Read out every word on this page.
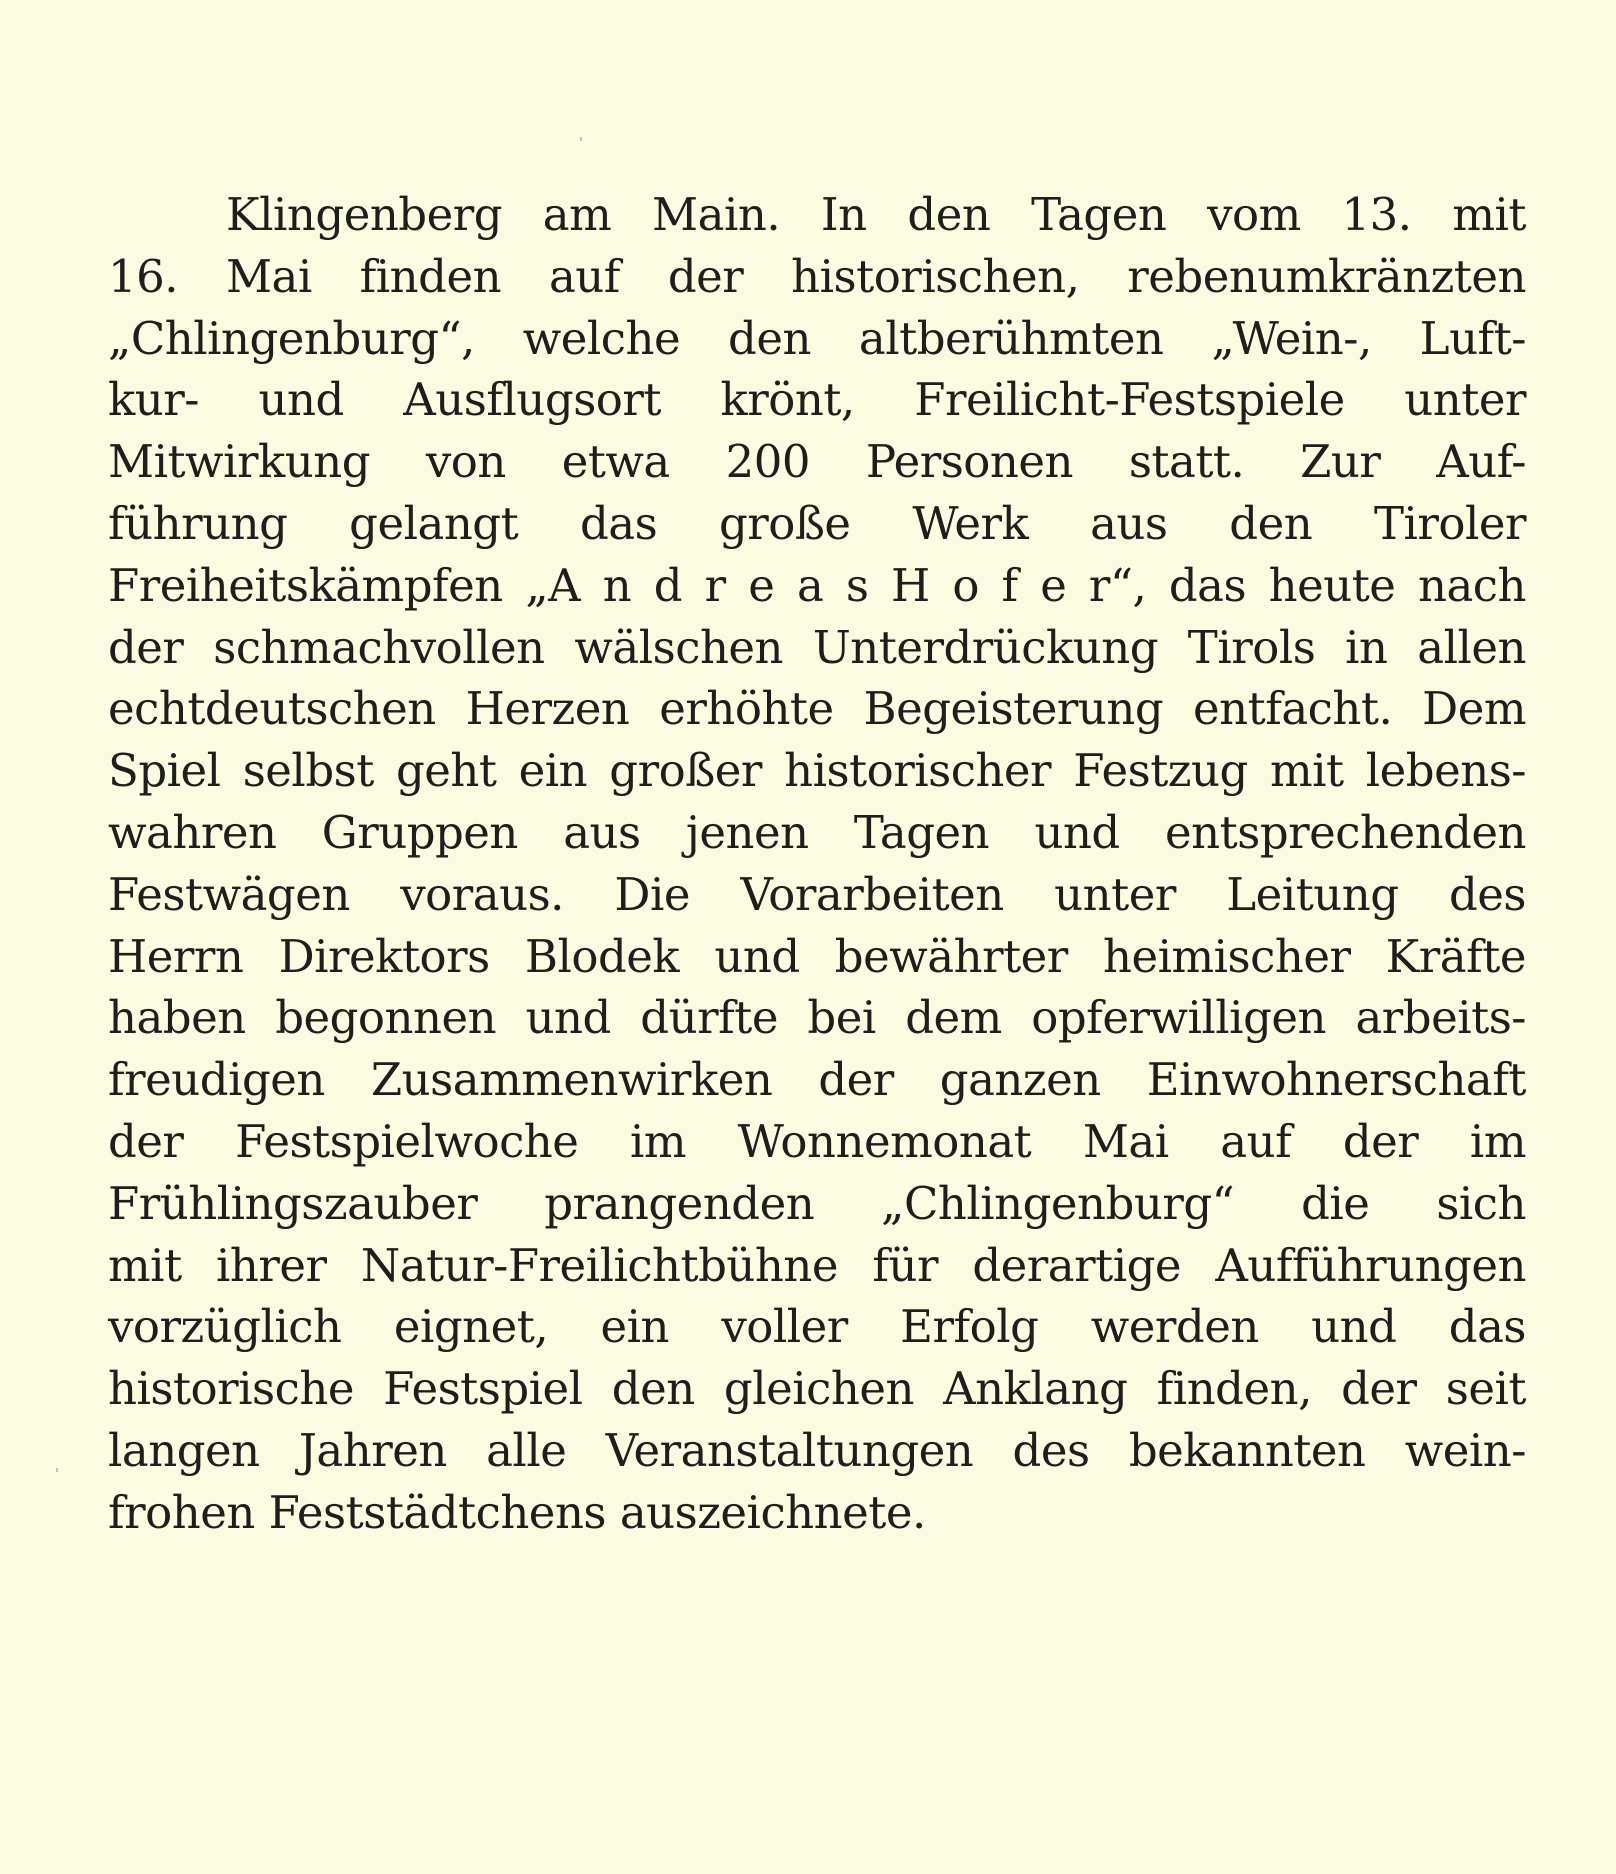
Klingenberg am Main. In den Tagen vom 13. mit
16. Mai finden auf der historischen, rebenumkränzten
„Chlingenburg“, welche den altberühmten „Wein-, Luft-
kur- und Ausflugsort krönt, Freilicht-Festspiele unter
Mitwirkung von etwa 200 Personen statt. Zur Auf-
führung gelangt das große Werk aus den Tiroler
Freiheitskämpfen „A n d r e a s H o f e r“, das heute nach
der schmachvollen wälschen Unterdrückung Tirols in allen
echtdeutschen Herzen erhöhte Begeisterung entfacht. Dem
Spiel selbst geht ein großer historischer Festzug mit lebens-
wahren Gruppen aus jenen Tagen und entsprechenden
Festwägen voraus. Die Vorarbeiten unter Leitung des
Herrn Direktors Blodek und bewährter heimischer Kräfte
haben begonnen und dürfte bei dem opferwilligen arbeits-
freudigen Zusammenwirken der ganzen Einwohnerschaft
der Festspielwoche im Wonnemonat Mai auf der im
Frühlingszauber prangenden „Chlingenburg“ die sich
mit ihrer Natur-Freilichtbühne für derartige Aufführungen
vorzüglich eignet, ein voller Erfolg werden und das
historische Festspiel den gleichen Anklang finden, der seit
langen Jahren alle Veranstaltungen des bekannten wein-
frohen Feststädtchens auszeichnete.
